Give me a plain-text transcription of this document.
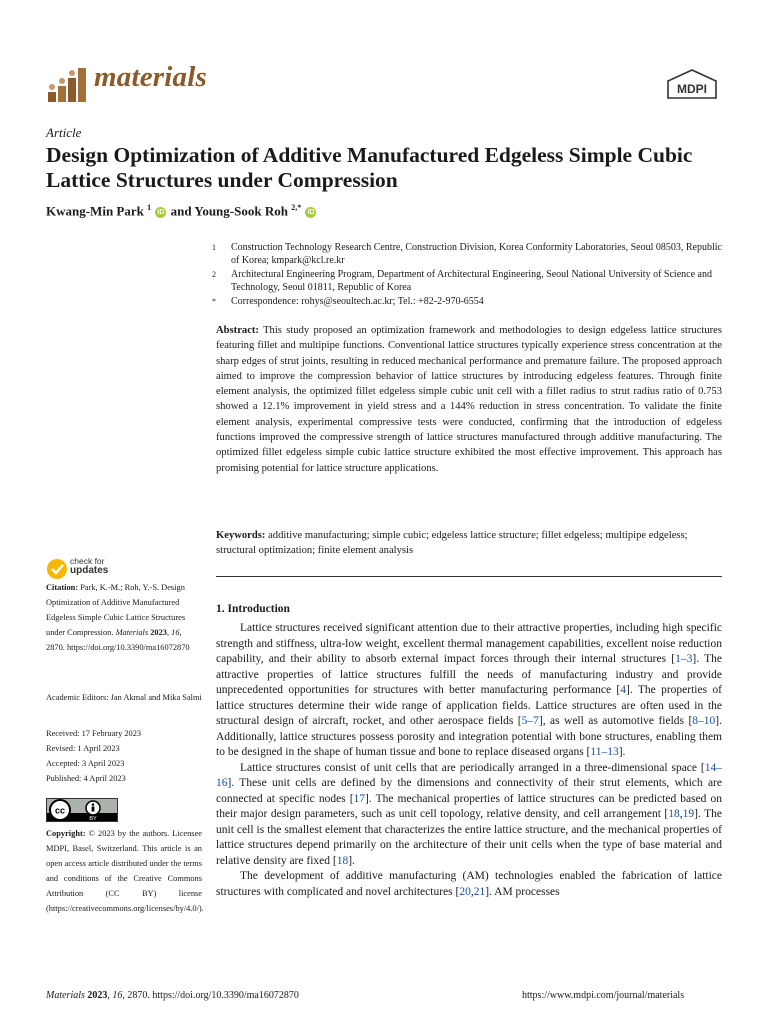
materials	MDPI
Article
Design Optimization of Additive Manufactured Edgeless Simple Cubic Lattice Structures under Compression
Kwang-Min Park $^1$ iD and Young-Sook Roh $^{2,*}$ iD
1	Construction Technology Research Centre, Construction Division, Korea Conformity Laboratories, Seoul 08503, Republic of Korea; kmpark@kcl.re.kr
2	Architectural Engineering Program, Department of Architectural Engineering, Seoul National University of Science and Technology, Seoul 01811, Republic of Korea
*	Correspondence: rohys@seoultech.ac.kr; Tel.: +82-2-970-6554
Abstract: This study proposed an optimization framework and methodologies to design edgeless lattice structures featuring fillet and multipipe functions. Conventional lattice structures typically experience stress concentration at the sharp edges of strut joints, resulting in reduced mechanical performance and premature failure. The proposed approach aimed to improve the compression behavior of lattice structures by introducing edgeless features. Through finite element analysis, the optimized fillet edgeless simple cubic unit cell with a fillet radius to strut radius ratio of 0.753 showed a 12.1% improvement in yield stress and a 144% reduction in stress concentration. To validate the finite element analysis, experimental compressive tests were conducted, confirming that the introduction of edgeless functions improved the compressive strength of lattice structures manufactured through additive manufacturing. The optimized fillet edgeless simple cubic lattice structure exhibited the most effective improvement. This approach has promising potential for lattice structure applications.
Keywords: additive manufacturing; simple cubic; edgeless lattice structure; fillet edgeless; multipipe edgeless; structural optimization; finite element analysis
check for
updates
Citation: Park, K.-M.; Roh, Y.-S. Design Optimization of Additive Manufactured Edgeless Simple Cubic Lattice Structures under Compression. Materials 2023, 16, 2870. https://doi.org/10.3390/ma16072870
Academic Editors: Jan Akmal and Mika Salmi
Received: 17 February 2023
Revised: 1 April 2023
Accepted: 3 April 2023
Published: 4 April 2023
cc
BY
Copyright: © 2023 by the authors. Licensee MDPI, Basel, Switzerland. This article is an open access article distributed under the terms and conditions of the Creative Commons Attribution (CC BY) license (https://creativecommons.org/licenses/by/4.0/).
1. Introduction

Lattice structures received significant attention due to their attractive properties, including high specific strength and stiffness, ultra-low weight, excellent thermal management capabilities, excellent noise reduction capability, and their ability to absorb external impact forces through their internal structures [1–3]. The attractive properties of lattice structures fulfill the needs of manufacturing industry and provide unprecedented opportunities for structures with better manufacturing performance [4]. The properties of lattice structures determine their wide range of application fields. Lattice structures are often used in the structural design of aircraft, rocket, and other aerospace fields [5–7], as well as automotive fields [8–10]. Additionally, lattice structures possess porosity and integration potential with bone structures, enabling them to be designed in the shape of human tissue and bone to replace diseased organs [11–13].

Lattice structures consist of unit cells that are periodically arranged in a three-dimensional space [14–16]. These unit cells are defined by the dimensions and connectivity of their strut elements, which are connected at specific nodes [17]. The mechanical properties of lattice structures can be predicted based on their major design parameters, such as unit cell topology, relative density, and cell arrangement [18,19]. The unit cell is the smallest element that characterizes the entire lattice structure, and the mechanical properties of lattice structures depend primarily on the architecture of their unit cells when the type of base material and relative density are fixed [18].

The development of additive manufacturing (AM) technologies enabled the fabrication of lattice structures with complicated and novel architectures [20,21]. AM processes

Materials 2023, 16, 2870. https://doi.org/10.3390/ma16072870	https://www.mdpi.com/journal/materials
